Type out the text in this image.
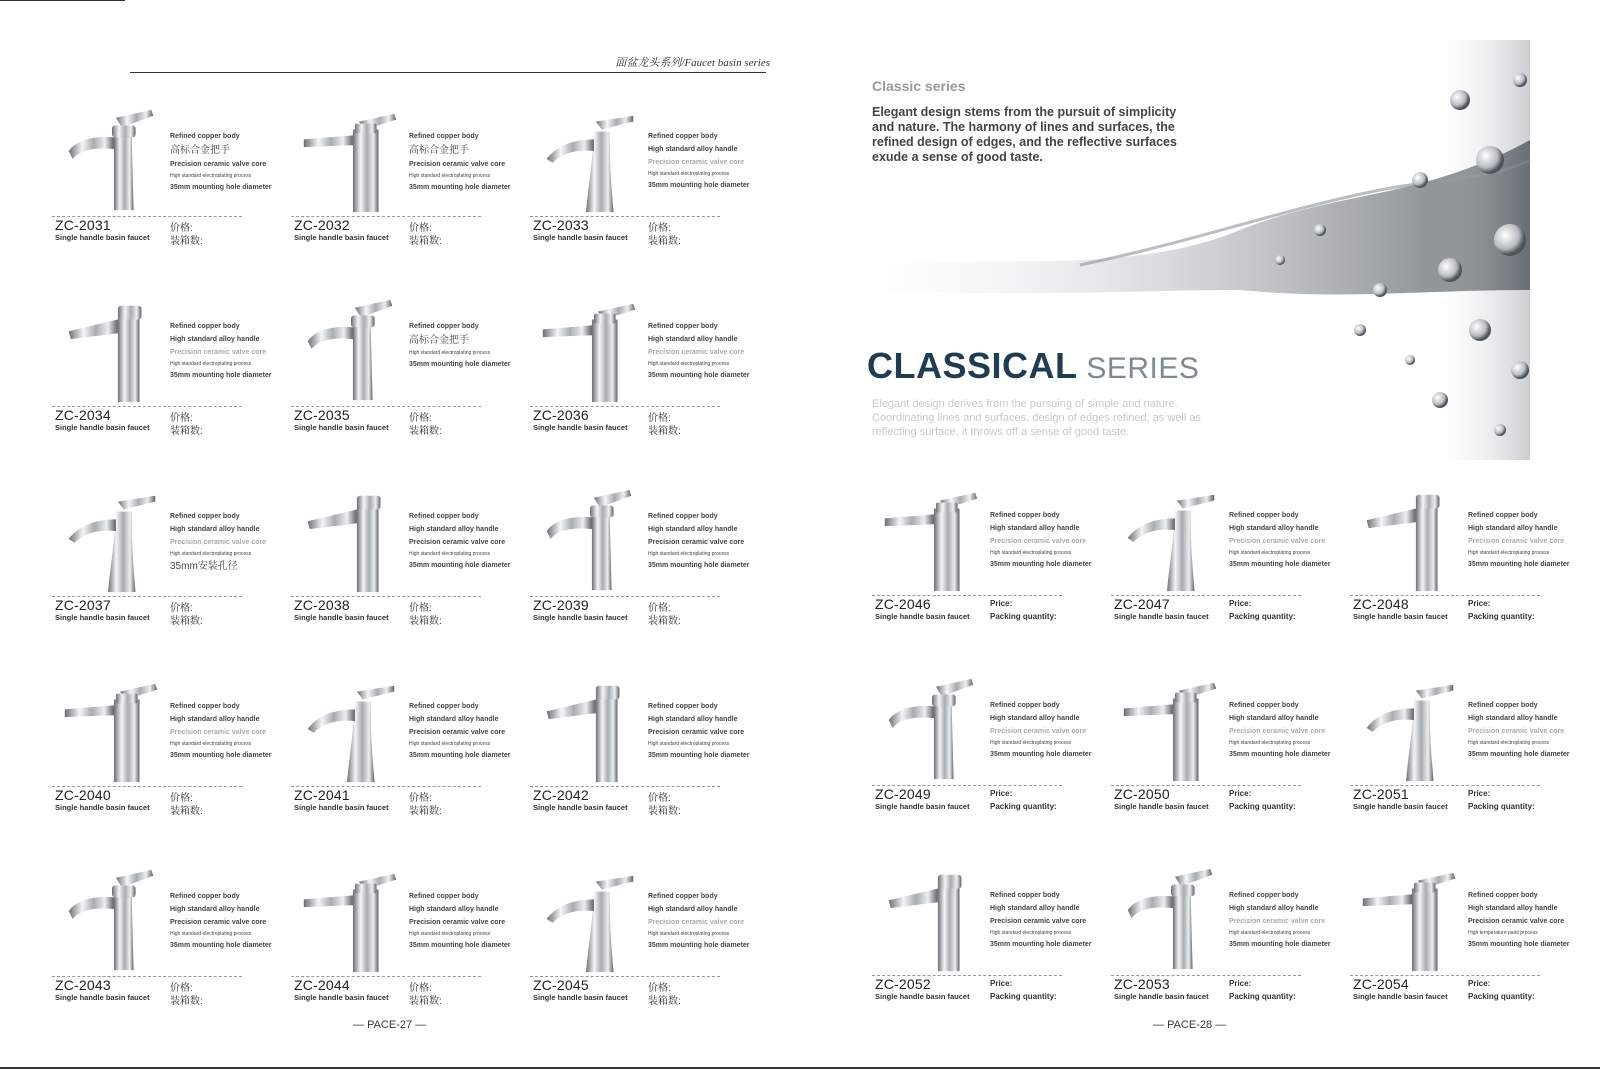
面盆龙头系列/Faucet basin series
Refined copper body
高标合金把手
Precision ceramic valve core
High standard electroplating process
35mm mounting hole diameter
ZC-2031
Single handle basin faucet
价格:
装箱数:
Refined copper body
高标合金把手
Precision ceramic valve core
High standard electroplating process
35mm mounting hole diameter
ZC-2032
Single handle basin faucet
价格:
装箱数:
Refined copper body
High standard alloy handle
Precision ceramic valve core
High standard electroplating process
35mm mounting hole diameter
ZC-2033
Single handle basin faucet
价格:
装箱数:
Refined copper body
High standard alloy handle
Precision ceramic valve core
High standard electroplating process
35mm mounting hole diameter
ZC-2034
Single handle basin faucet
价格:
装箱数:
Refined copper body
高标合金把手
High standard electroplating process
35mm mounting hole diameter
ZC-2035
Single handle basin faucet
价格:
装箱数:
Refined copper body
High standard alloy handle
Precision ceramic valve core
High standard electroplating process
35mm mounting hole diameter
ZC-2036
Single handle basin faucet
价格:
装箱数:
Refined copper body
High standard alloy handle
Precision ceramic valve core
High standard electroplating process
35mm安装孔径
ZC-2037
Single handle basin faucet
价格:
装箱数:
Refined copper body
High standard alloy handle
Precision ceramic valve core
High standard electroplating process
35mm mounting hole diameter
ZC-2038
Single handle basin faucet
价格:
装箱数:
Refined copper body
High standard alloy handle
Precision ceramic valve core
High standard electroplating process
35mm mounting hole diameter
ZC-2039
Single handle basin faucet
价格:
装箱数:
Refined copper body
High standard alloy handle
Precision ceramic valve core
High standard electroplating process
35mm mounting hole diameter
ZC-2040
Single handle basin faucet
价格:
装箱数:
Refined copper body
High standard alloy handle
Precision ceramic valve core
High standard electroplating process
35mm mounting hole diameter
ZC-2041
Single handle basin faucet
价格:
装箱数:
Refined copper body
High standard alloy handle
Precision ceramic valve core
High standard electroplating process
35mm mounting hole diameter
ZC-2042
Single handle basin faucet
价格:
装箱数:
Refined copper body
High standard alloy handle
Precision ceramic valve core
High standard electroplating process
35mm mounting hole diameter
ZC-2043
Single handle basin faucet
价格:
装箱数:
Refined copper body
High standard alloy handle
Precision ceramic valve core
High standard electroplating process
35mm mounting hole diameter
ZC-2044
Single handle basin faucet
价格:
装箱数:
Refined copper body
High standard alloy handle
Precision ceramic valve core
High standard electroplating process
35mm mounting hole diameter
ZC-2045
Single handle basin faucet
价格:
装箱数:
— PACE-27 —
Classic series
Elegant design stems from the pursuit of simplicity and nature. The harmony of lines and surfaces, the refined design of edges, and the reflective surfaces exude a sense of good taste.
CLASSICAL SERIES
Elegant design derives from the pursuing of simple and nature. Coordinating lines and surfaces, design of edges refined, as well as reflecting surface, it throws off a sense of good taste.
Refined copper body
High standard alloy handle
Precision ceramic valve core
High standard electroplating process
35mm mounting hole diameter
ZC-2046
Single handle basin faucet
Price:
Packing quantity:
Refined copper body
High standard alloy handle
Precision ceramic valve core
High standard electroplating process
35mm mounting hole diameter
ZC-2047
Single handle basin faucet
Price:
Packing quantity:
Refined copper body
High standard alloy handle
Precision ceramic valve core
High standard electroplating process
35mm mounting hole diameter
ZC-2048
Single handle basin faucet
Price:
Packing quantity:
Refined copper body
High standard alloy handle
Precision ceramic valve core
High standard electroplating process
35mm mounting hole diameter
ZC-2049
Single handle basin faucet
Price:
Packing quantity:
Refined copper body
High standard alloy handle
Precision ceramic valve core
High standard electroplating process
35mm mounting hole diameter
ZC-2050
Single handle basin faucet
Price:
Packing quantity:
Refined copper body
High standard alloy handle
Precision ceramic valve core
High standard electroplating process
35mm mounting hole diameter
ZC-2051
Single handle basin faucet
Price:
Packing quantity:
Refined copper body
High standard alloy handle
Precision ceramic valve core
High standard electroplating process
35mm mounting hole diameter
ZC-2052
Single handle basin faucet
Price:
Packing quantity:
Refined copper body
High standard alloy handle
Precision ceramic valve core
High standard electroplating process
35mm mounting hole diameter
ZC-2053
Single handle basin faucet
Price:
Packing quantity:
Refined copper body
High standard alloy handle
Precision ceramic valve core
High temperature paint process
35mm mounting hole diameter
ZC-2054
Single handle basin faucet
Price:
Packing quantity:
— PACE-28 —
